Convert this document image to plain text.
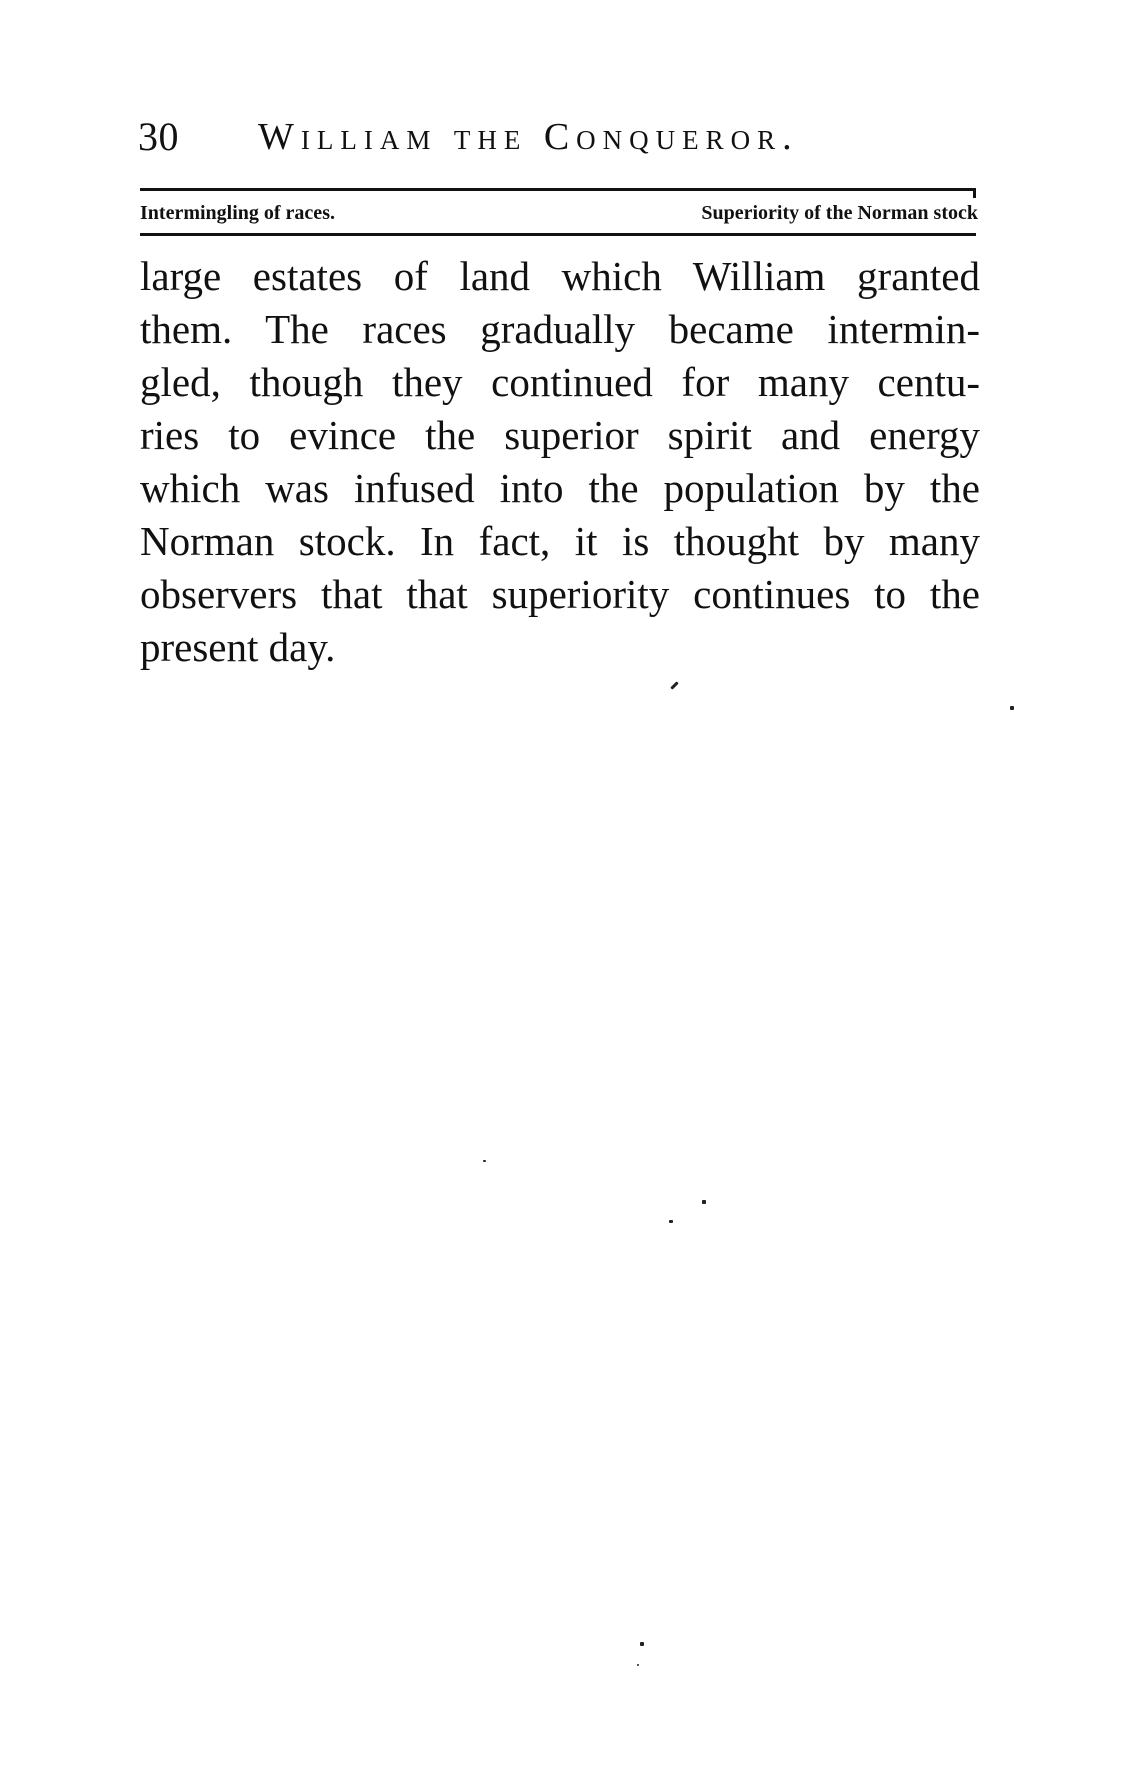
30 William the Conqueror.
Intermingling of races.	Superiority of the Norman stock
large estates of land which William granted
them. The races gradually became intermin-
gled, though they continued for many centu-
ries to evince the superior spirit and energy
which was infused into the population by the
Norman stock. In fact, it is thought by many
observers that that superiority continues to the
present day.
